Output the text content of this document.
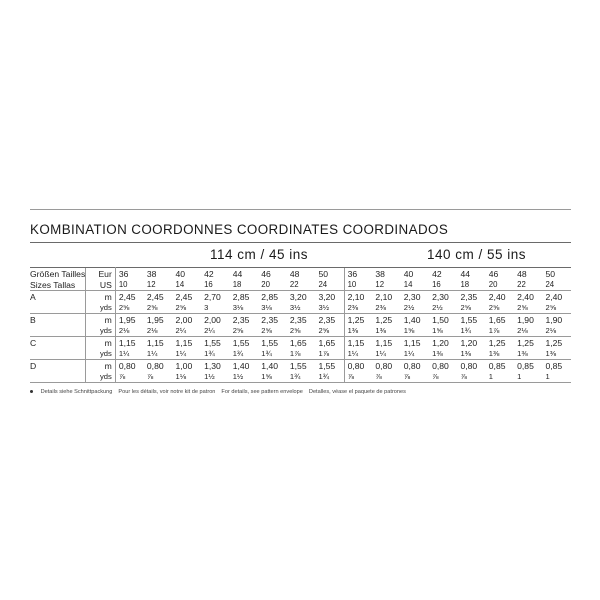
KOMBINATION COORDONNES COORDINATES COORDINADOS
114 cm / 45 ins	140 cm / 55 ins
Größen Tailles	Eur	36	38	40	42	44	46	48	50	36	38	40	42	44	46	48	50
Sizes Tallas	US	10	12	14	16	18	20	22	24	10	12	14	16	18	20	22	24
A	m	2,45	2,45	2,45	2,70	2,85	2,85	3,20	3,20	2,10	2,10	2,30	2,30	2,35	2,40	2,40	2,40
	yds	2⅝	2⅝	2⅝	3	3⅛	3⅛	3½	3½	2⅜	2⅜	2½	2½	2⅝	2⅝	2⅝	2⅝
B	m	1,95	1,95	2,00	2,00	2,35	2,35	2,35	2,35	1,25	1,25	1,40	1,50	1,55	1,65	1,90	1,90
	yds	2⅛	2⅛	2¼	2¼	2⅝	2⅝	2⅝	2⅝	1⅜	1⅜	1⅝	1⅝	1¾	1⅞	2⅛	2⅛
C	m	1,15	1,15	1,15	1,55	1,55	1,55	1,65	1,65	1,15	1,15	1,15	1,20	1,20	1,25	1,25	1,25
	yds	1¼	1¼	1¼	1¾	1¾	1¾	1⅞	1⅞	1¼	1¼	1¼	1⅜	1⅜	1⅜	1⅜	1⅜
D	m	0,80	0,80	1,00	1,30	1,40	1,40	1,55	1,55	0,80	0,80	0,80	0,80	0,80	0,85	0,85	0,85
	yds	⅞	⅞	1⅛	1½	1½	1⅝	1¾	1¾	⅞	⅞	⅞	⅞	⅞	1	1	1
Details siehe Schnittpackung Pour les détails, voir notre kit de patron For details, see pattern envelope Detalles, véase el paquete de patrones
